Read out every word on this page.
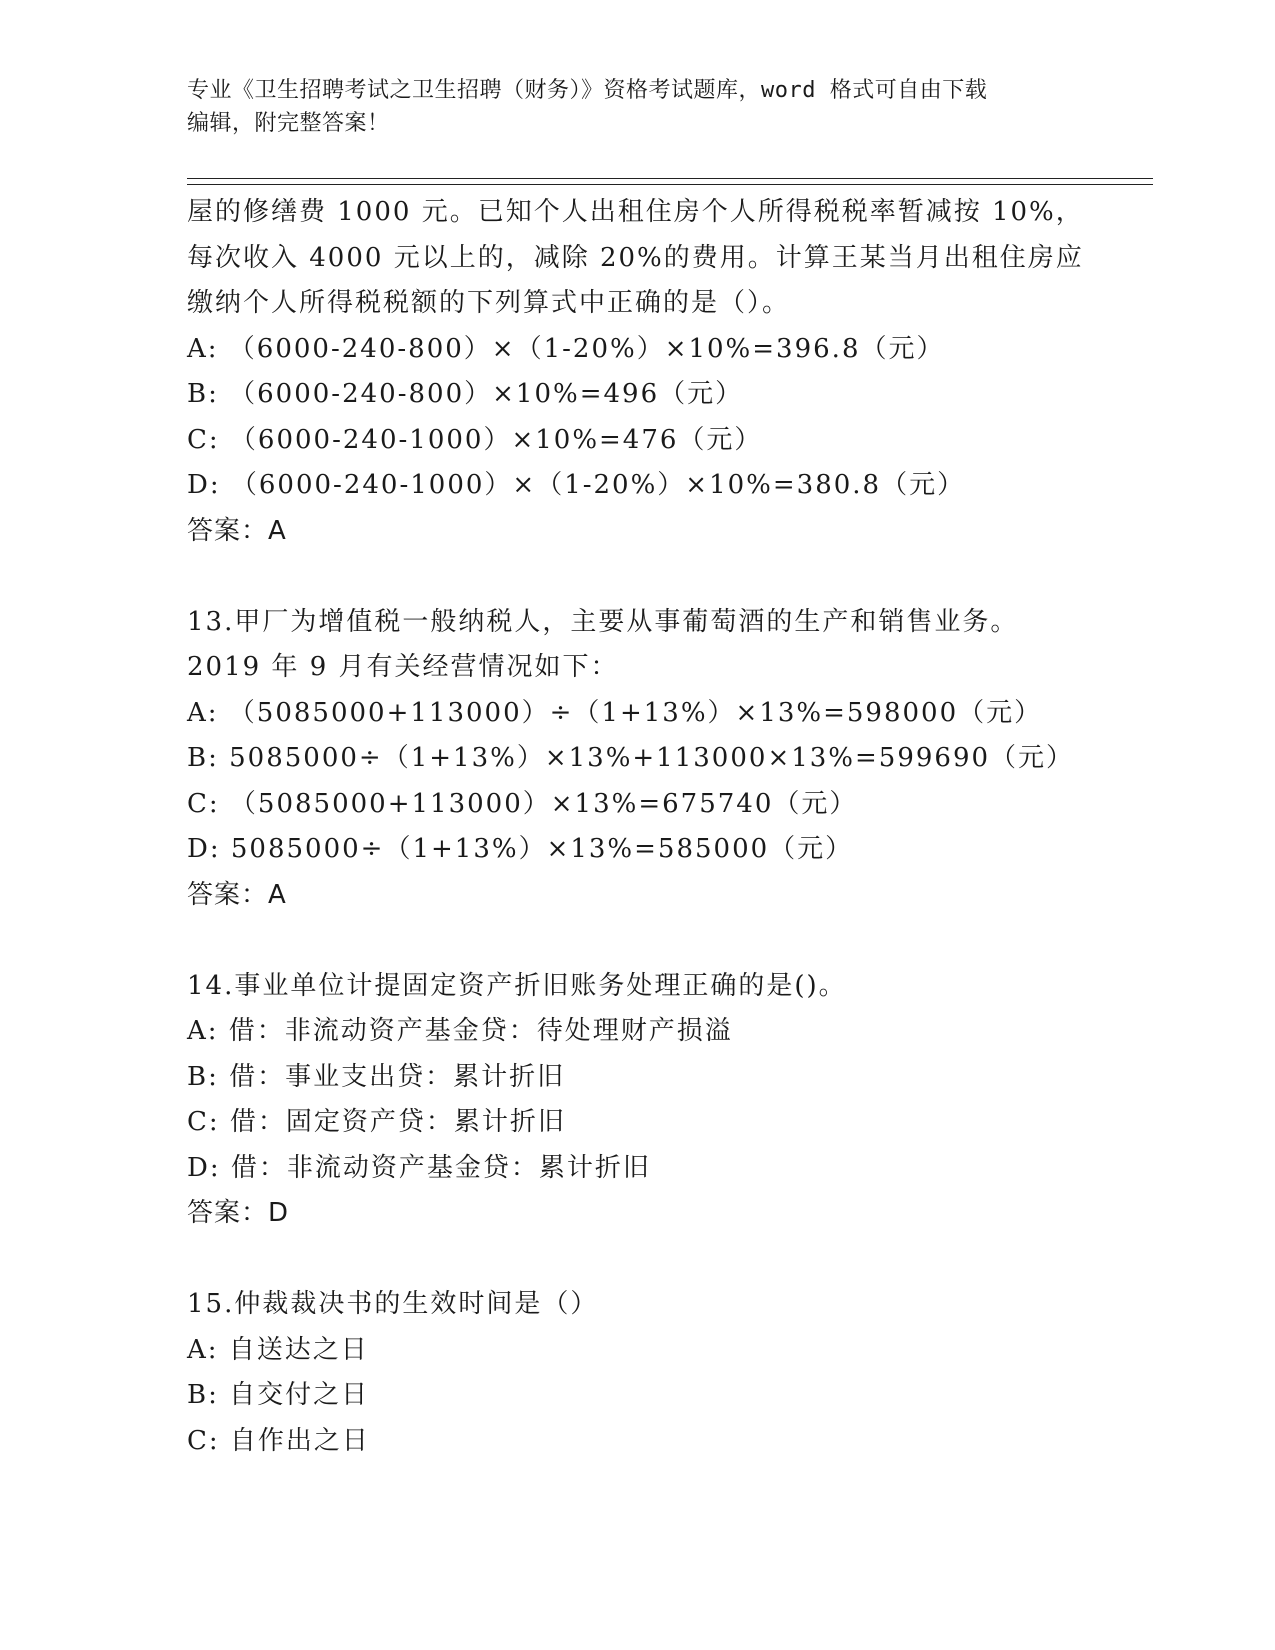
专业《卫生招聘考试之卫生招聘（财务）》资格考试题库，word 格式可自由下载
编辑，附完整答案！
屋的修缮费 1000 元。已知个人出租住房个人所得税税率暂减按 10%，
每次收入 4000 元以上的，减除 20%的费用。计算王某当月出租住房应
缴纳个人所得税税额的下列算式中正确的是（）。
A: （6000-240-800）×（1-20%）×10%=396.8（元）
B: （6000-240-800）×10%=496（元）
C: （6000-240-1000）×10%=476（元）
D: （6000-240-1000）×（1-20%）×10%=380.8（元）
答案：A
13.甲厂为增值税一般纳税人，主要从事葡萄酒的生产和销售业务。
2019 年 9 月有关经营情况如下：
A: （5085000+113000）÷（1+13%）×13%=598000（元）
B: 5085000÷（1+13%）×13%+113000×13%=599690（元）
C: （5085000+113000）×13%=675740（元）
D: 5085000÷（1+13%）×13%=585000（元）
答案：A
14.事业单位计提固定资产折旧账务处理正确的是()。
A: 借：非流动资产基金贷：待处理财产损溢
B: 借：事业支出贷：累计折旧
C: 借：固定资产贷：累计折旧
D: 借：非流动资产基金贷：累计折旧
答案：D
15.仲裁裁决书的生效时间是（）
A: 自送达之日
B: 自交付之日
C: 自作出之日
